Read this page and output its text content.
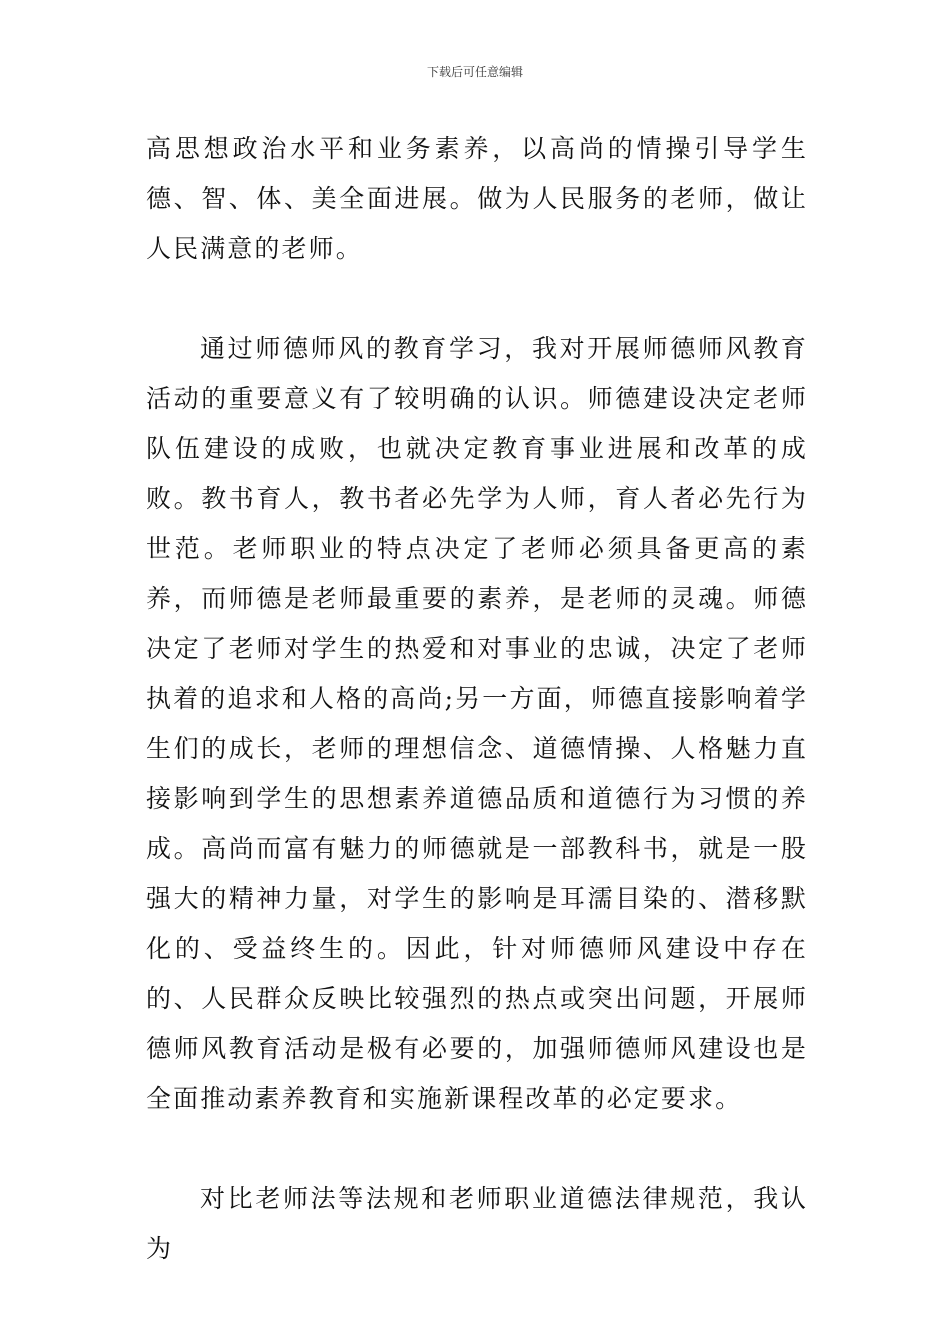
下载后可任意编辑

高思想政治水平和业务素养，以高尚的情操引导学生德、智、体、美全面进展。做为人民服务的老师，做让人民满意的老师。

通过师德师风的教育学习，我对开展师德师风教育活动的重要意义有了较明确的认识。师德建设决定老师队伍建设的成败，也就决定教育事业进展和改革的成败。教书育人，教书者必先学为人师，育人者必先行为世范。老师职业的特点决定了老师必须具备更高的素养，而师德是老师最重要的素养，是老师的灵魂。师德决定了老师对学生的热爱和对事业的忠诚，决定了老师执着的追求和人格的高尚;另一方面，师德直接影响着学生们的成长，老师的理想信念、道德情操、人格魅力直接影响到学生的思想素养道德品质和道德行为习惯的养成。高尚而富有魅力的师德就是一部教科书，就是一股强大的精神力量，对学生的影响是耳濡目染的、潜移默化的、受益终生的。因此，针对师德师风建设中存在的、人民群众反映比较强烈的热点或突出问题，开展师德师风教育活动是极有必要的，加强师德师风建设也是全面推动素养教育和实施新课程改革的必定要求。

对比老师法等法规和老师职业道德法律规范，我认为
